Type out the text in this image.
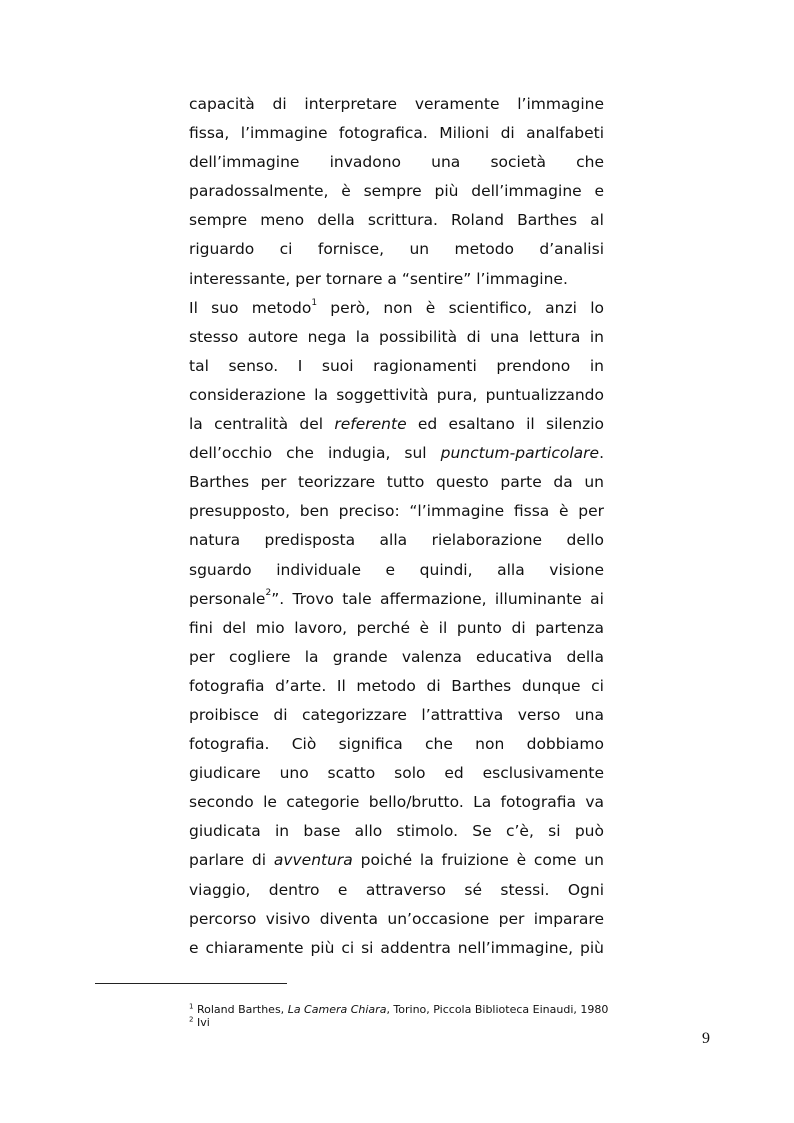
capacità di interpretare veramente l’immagine
fissa, l’immagine fotografica. Milioni di analfabeti
dell’immagine invadono una società che
paradossalmente, è sempre più dell’immagine e
sempre meno della scrittura. Roland Barthes al
riguardo ci fornisce, un metodo d’analisi
interessante, per tornare a “sentire” l’immagine.
Il suo metodo$^1$ però, non è scientifico, anzi lo
stesso autore nega la possibilità di una lettura in
tal senso. I suoi ragionamenti prendono in
considerazione la soggettività pura, puntualizzando
la centralità del referente ed esaltano il silenzio
dell’occhio che indugia, sul punctum-particolare.
Barthes per teorizzare tutto questo parte da un
presupposto, ben preciso: “l’immagine fissa è per
natura predisposta alla rielaborazione dello
sguardo individuale e quindi, alla visione
personale$^2$”. Trovo tale affermazione, illuminante ai
fini del mio lavoro, perché è il punto di partenza
per cogliere la grande valenza educativa della
fotografia d’arte. Il metodo di Barthes dunque ci
proibisce di categorizzare l’attrattiva verso una
fotografia. Ciò significa che non dobbiamo
giudicare uno scatto solo ed esclusivamente
secondo le categorie bello/brutto. La fotografia va
giudicata in base allo stimolo. Se c’è, si può
parlare di avventura poiché la fruizione è come un
viaggio, dentro e attraverso sé stessi. Ogni
percorso visivo diventa un’occasione per imparare
e chiaramente più ci si addentra nell’immagine, più
$^1$ Roland Barthes, La Camera Chiara, Torino, Piccola Biblioteca Einaudi, 1980
$^2$ Ivi
9
